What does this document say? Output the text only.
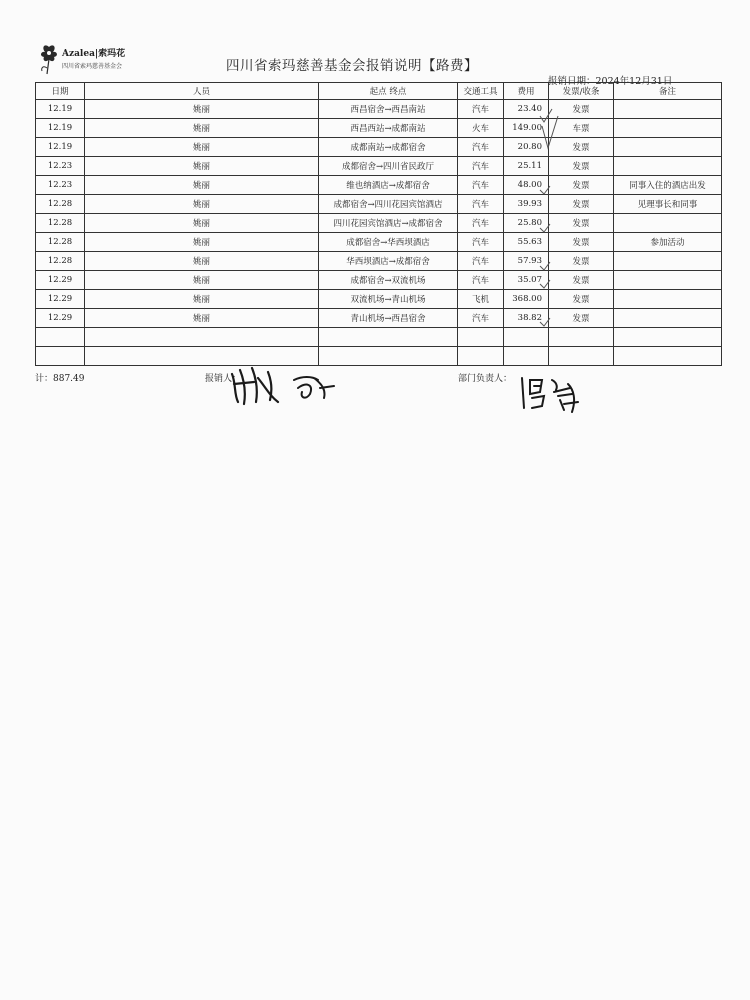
Azalea|索玛花
四川省索玛慈善基金会	四川省索玛慈善基金会报销说明【路费】
报销日期：2024年12月31日
日期	人员	起点 终点	交通工具	费用	发票/收条	备注
12.19	姚丽	西昌宿舍→西昌南站	汽车	23.40	发票	
12.19	姚丽	西昌西站→成都南站	火车	149.00	车票	
12.19	姚丽	成都南站→成都宿舍	汽车	20.80	发票	
12.23	姚丽	成都宿舍→四川省民政厅	汽车	25.11	发票	
12.23	姚丽	维也纳酒店→成都宿舍	汽车	48.00	发票	同事入住的酒店出发
12.28	姚丽	成都宿舍→四川花园宾馆酒店	汽车	39.93	发票	见理事长和同事
12.28	姚丽	四川花园宾馆酒店→成都宿舍	汽车	25.80	发票	
12.28	姚丽	成都宿舍→华西坝酒店	汽车	55.63	发票	参加活动
12.28	姚丽	华西坝酒店→成都宿舍	汽车	57.93	发票	
12.29	姚丽	成都宿舍→双流机场	汽车	35.07	发票	
12.29	姚丽	双流机场→青山机场	飞机	368.00	发票	
12.29	姚丽	青山机场→西昌宿舍	汽车	38.82	发票	

计：887.49	报销人：	部门负责人：
